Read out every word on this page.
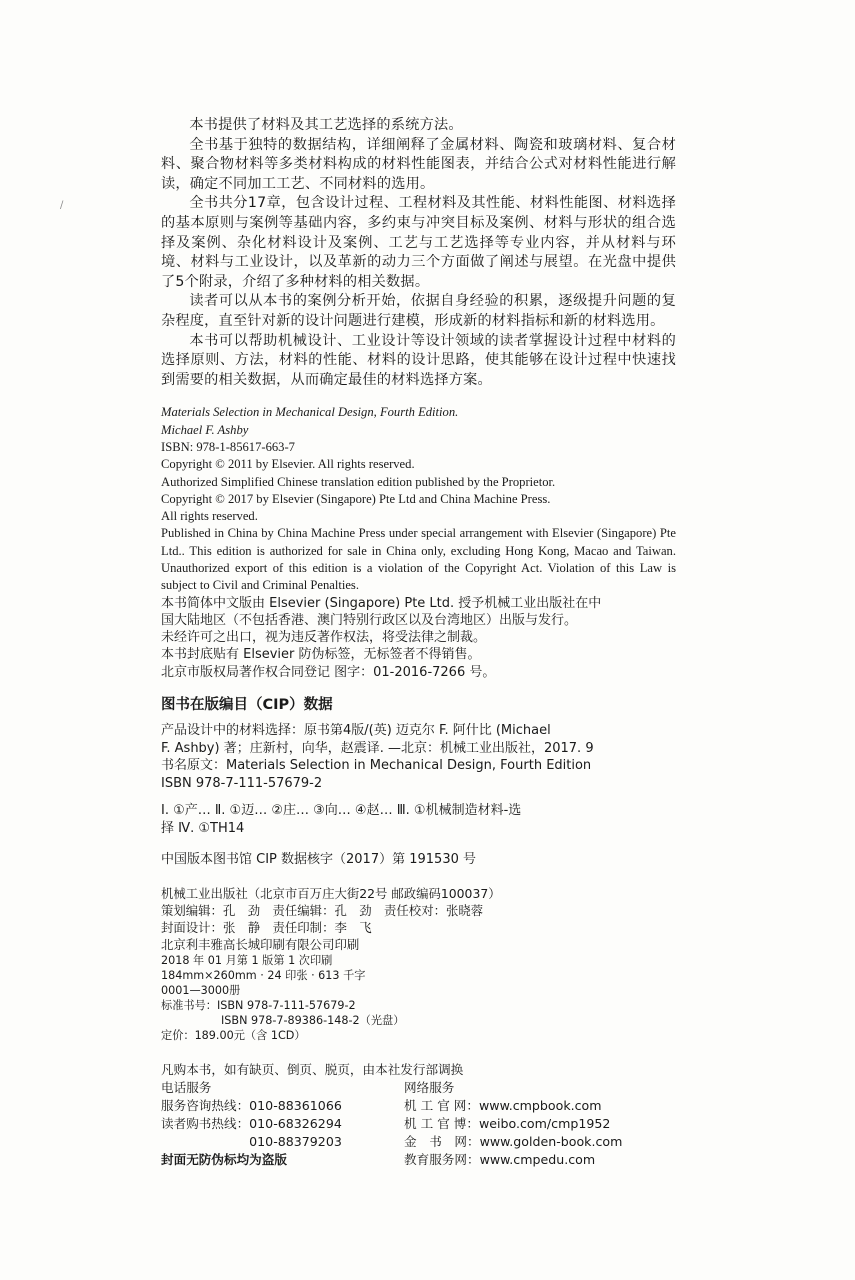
/

本书提供了材料及其工艺选择的系统方法。

全书基于独特的数据结构，详细阐释了金属材料、陶瓷和玻璃材料、复合材料、聚合物材料等多类材料构成的材料性能图表，并结合公式对材料性能进行解读，确定不同加工工艺、不同材料的选用。

全书共分17章，包含设计过程、工程材料及其性能、材料性能图、材料选择的基本原则与案例等基础内容，多约束与冲突目标及案例、材料与形状的组合选择及案例、杂化材料设计及案例、工艺与工艺选择等专业内容，并从材料与环境、材料与工业设计，以及革新的动力三个方面做了阐述与展望。在光盘中提供了5个附录，介绍了多种材料的相关数据。

读者可以从本书的案例分析开始，依据自身经验的积累，逐级提升问题的复杂程度，直至针对新的设计问题进行建模，形成新的材料指标和新的材料选用。

本书可以帮助机械设计、工业设计等设计领域的读者掌握设计过程中材料的选择原则、方法，材料的性能、材料的设计思路，使其能够在设计过程中快速找到需要的相关数据，从而确定最佳的材料选择方案。

Materials Selection in Mechanical Design, Fourth Edition.
Michael F. Ashby
ISBN: 978-1-85617-663-7
Copyright © 2011 by Elsevier. All rights reserved.
Authorized Simplified Chinese translation edition published by the Proprietor.
Copyright © 2017 by Elsevier (Singapore) Pte Ltd and China Machine Press.
All rights reserved.
Published in China by China Machine Press under special arrangement with Elsevier (Singapore) Pte Ltd.. This edition is authorized for sale in China only, excluding Hong Kong, Macao and Taiwan. Unauthorized export of this edition is a violation of the Copyright Act. Violation of this Law is subject to Civil and Criminal Penalties.
本书简体中文版由 Elsevier (Singapore) Pte Ltd. 授予机械工业出版社在中
国大陆地区（不包括香港、澳门特别行政区以及台湾地区）出版与发行。
未经许可之出口，视为违反著作权法，将受法律之制裁。
本书封底贴有 Elsevier 防伪标签，无标签者不得销售。
北京市版权局著作权合同登记 图字：01-2016-7266 号。
图书在版编目（CIP）数据
产品设计中的材料选择：原书第4版/(英) 迈克尔 F. 阿什比 (Michael
F. Ashby) 著；庄新村，向华，赵震译. —北京：机械工业出版社，2017. 9
书名原文：Materials Selection in Mechanical Design, Fourth Edition
ISBN 978-7-111-57679-2
Ⅰ. ①产… Ⅱ. ①迈… ②庄… ③向… ④赵… Ⅲ. ①机械制造材料-选
择 Ⅳ. ①TH14
中国版本图书馆 CIP 数据核字（2017）第 191530 号
机械工业出版社（北京市百万庄大街22号 邮政编码100037）
策划编辑：孔　劲　责任编辑：孔　劲　责任校对：张晓蓉
封面设计：张　静　责任印制：李　飞
北京利丰雅高长城印刷有限公司印刷
2018 年 01 月第 1 版第 1 次印刷
184mm×260mm · 24 印张 · 613 千字
0001—3000册
标准书号：ISBN 978-7-111-57679-2
ISBN 978-7-89386-148-2（光盘）
定价：189.00元（含 1CD）
凡购本书，如有缺页、倒页、脱页，由本社发行部调换
电话服务	网络服务
服务咨询热线：010-88361066	机 工 官 网：www.cmpbook.com
读者购书热线：010-68326294	机 工 官 博：weibo.com/cmp1952
　　　　　　　010-88379203	金　书　网：www.golden-book.com
封面无防伪标均为盗版	教育服务网：www.cmpedu.com
